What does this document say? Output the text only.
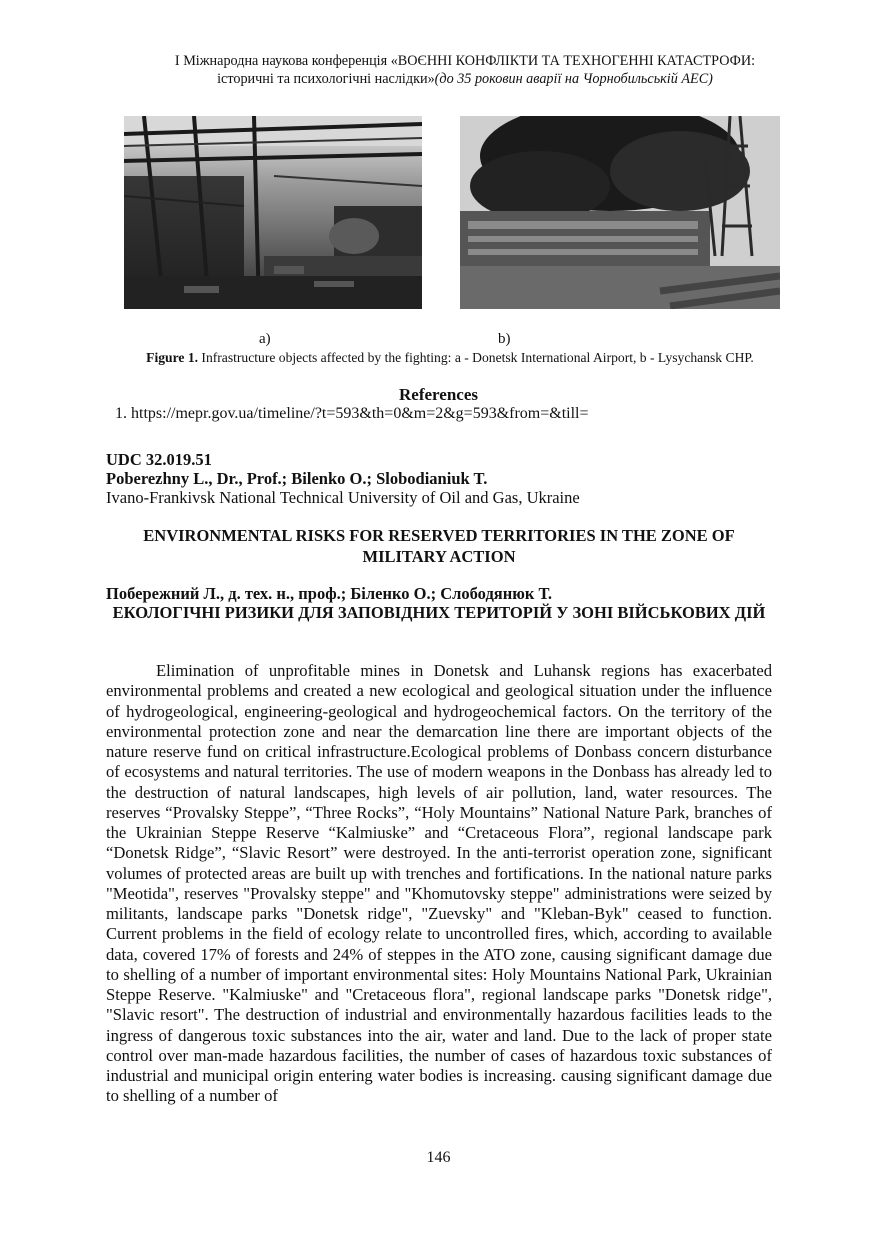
І Міжнародна наукова конференція «ВОЄННІ КОНФЛІКТИ ТА ТЕХНОГЕННІ КАТАСТРОФИ:
історичні та психологічні наслідки»(до 35 роковин аварії на Чорнобильській АЕС)
a)	b)
Figure 1. Infrastructure objects affected by the fighting: a - Donetsk International Airport, b - Lysychansk CHP.
References
1. https://mepr.gov.ua/timeline/?t=593&th=0&m=2&g=593&from=&till=
UDC 32.019.51
Poberezhny L., Dr., Prof.; Bilenko O.; Slobodianiuk T.
Ivano-Frankivsk National Technical University of Oil and Gas, Ukraine
ENVIRONMENTAL RISKS FOR RESERVED TERRITORIES IN THE ZONE OF MILITARY ACTION
Побережний Л., д. тех. н., проф.; Біленко О.; Слободянюк Т.
ЕКОЛОГІЧНІ РИЗИКИ ДЛЯ ЗАПОВІДНИХ ТЕРИТОРІЙ У ЗОНІ ВІЙСЬКОВИХ ДІЙ

Elimination of unprofitable mines in Donetsk and Luhansk regions has exacerbated environmental problems and created a new ecological and geological situation under the influence of hydrogeological, engineering-geological and hydrogeochemical factors. On the territory of the environmental protection zone and near the demarcation line there are important objects of the nature reserve fund on critical infrastructure.Ecological problems of Donbass concern disturbance of ecosystems and natural territories. The use of modern weapons in the Donbass has already led to the destruction of natural landscapes, high levels of air pollution, land, water resources. The reserves “Provalsky Steppe”, “Three Rocks”, “Holy Mountains” National Nature Park, branches of the Ukrainian Steppe Reserve “Kalmiuske” and “Cretaceous Flora”, regional landscape park “Donetsk Ridge”, “Slavic Resort” were destroyed. In the anti-terrorist operation zone, significant volumes of protected areas are built up with trenches and fortifications. In the national nature parks "Meotida", reserves "Provalsky steppe" and "Khomutovsky steppe" administrations were seized by militants, landscape parks "Donetsk ridge", "Zuevsky" and "Kleban-Byk" ceased to function. Current problems in the field of ecology relate to uncontrolled fires, which, according to available data, covered 17% of forests and 24% of steppes in the ATO zone, causing significant damage due to shelling of a number of important environmental sites: Holy Mountains National Park, Ukrainian Steppe Reserve. "Kalmiuske" and "Cretaceous flora", regional landscape parks "Donetsk ridge", "Slavic resort". The destruction of industrial and environmentally hazardous facilities leads to the ingress of dangerous toxic substances into the air, water and land. Due to the lack of proper state control over man-made hazardous facilities, the number of cases of hazardous toxic substances of industrial and municipal origin entering water bodies is increasing. causing significant damage due to shelling of a number of

146
